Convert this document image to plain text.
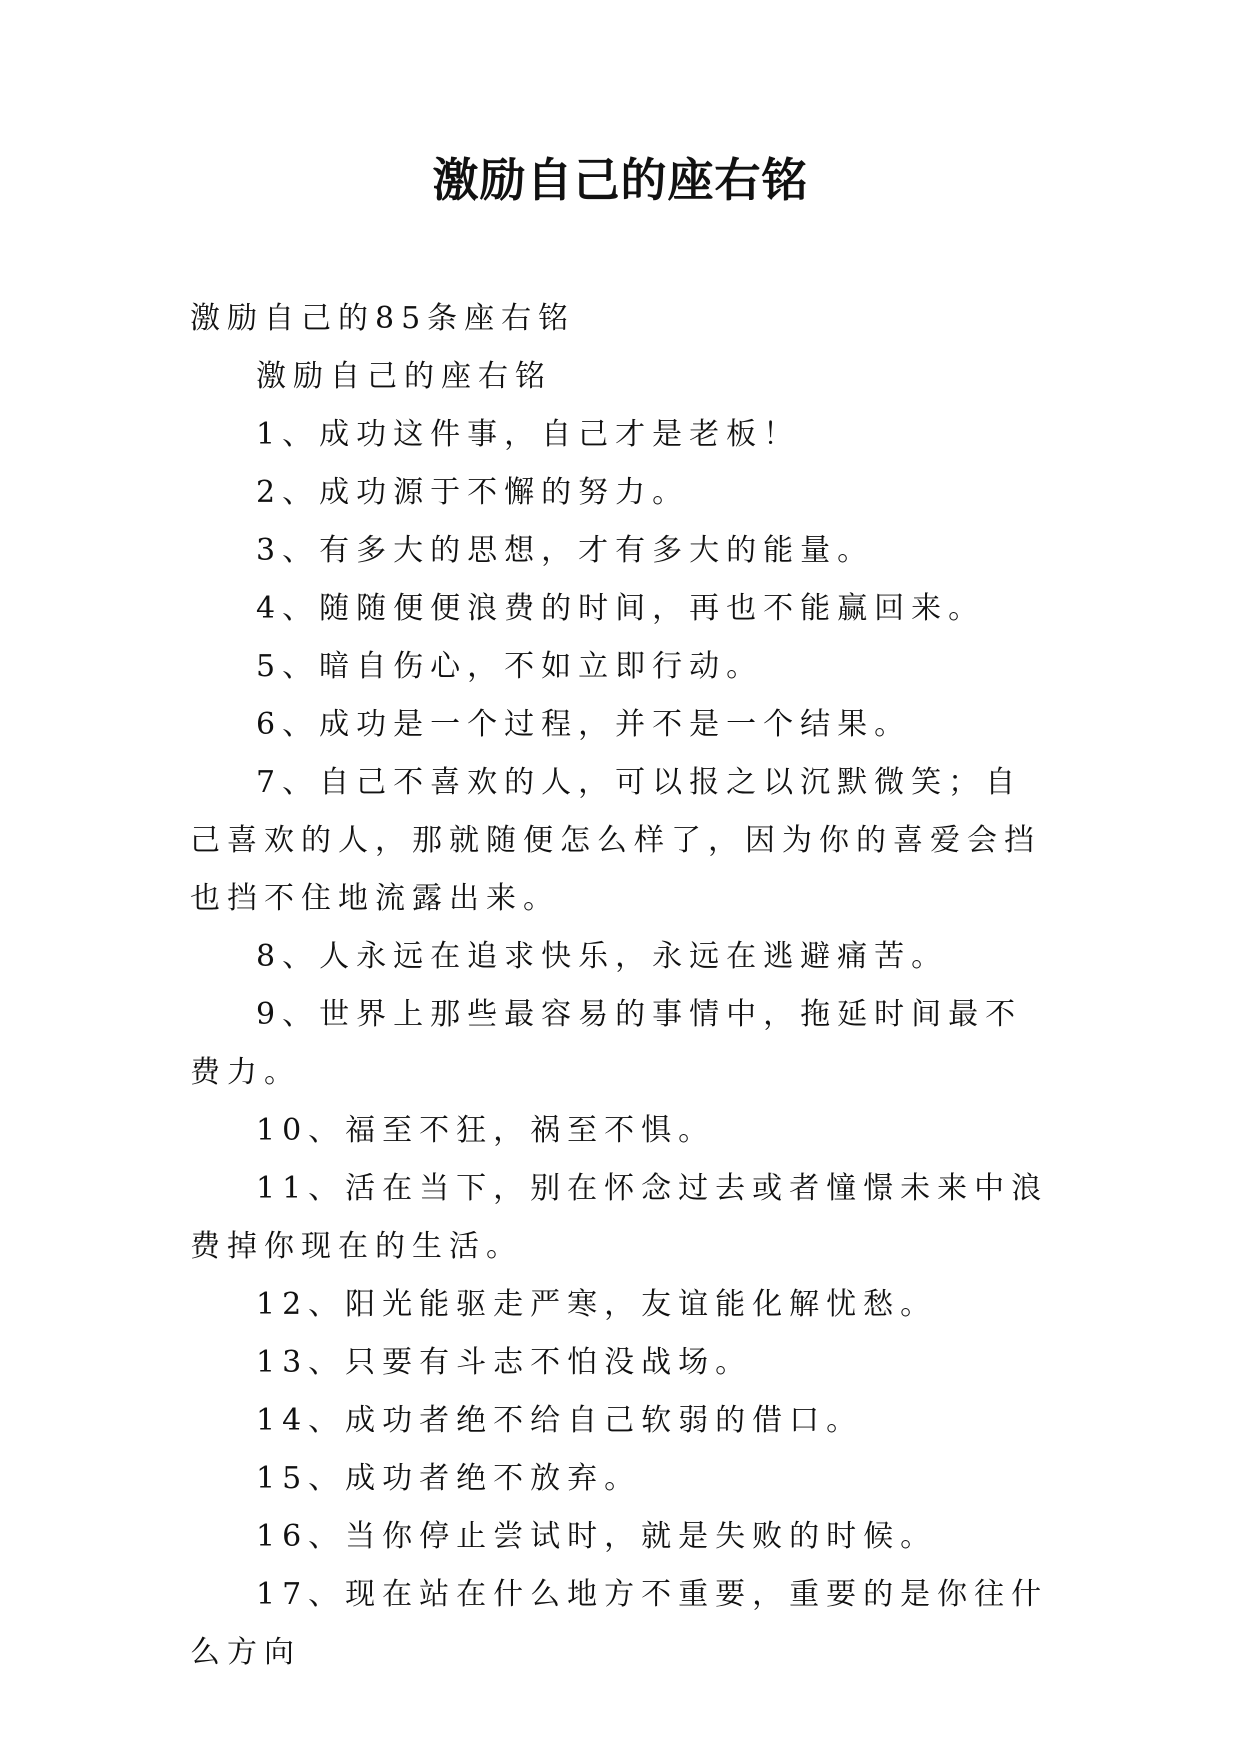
激励自己的座右铭

激励自己的85条座右铭

激励自己的座右铭

1、成功这件事，自己才是老板！

2、成功源于不懈的努力。

3、有多大的思想，才有多大的能量。

4、随随便便浪费的时间，再也不能赢回来。

5、暗自伤心，不如立即行动。

6、成功是一个过程，并不是一个结果。

7、自己不喜欢的人，可以报之以沉默微笑；自己喜欢的人，那就随便怎么样了，因为你的喜爱会挡也挡不住地流露出来。

8、人永远在追求快乐，永远在逃避痛苦。

9、世界上那些最容易的事情中，拖延时间最不费力。

10、福至不狂，祸至不惧。

11、活在当下，别在怀念过去或者憧憬未来中浪费掉你现在的生活。

12、阳光能驱走严寒，友谊能化解忧愁。

13、只要有斗志不怕没战场。

14、成功者绝不给自己软弱的借口。

15、成功者绝不放弃。

16、当你停止尝试时，就是失败的时候。

17、现在站在什么地方不重要，重要的是你往什么方向
